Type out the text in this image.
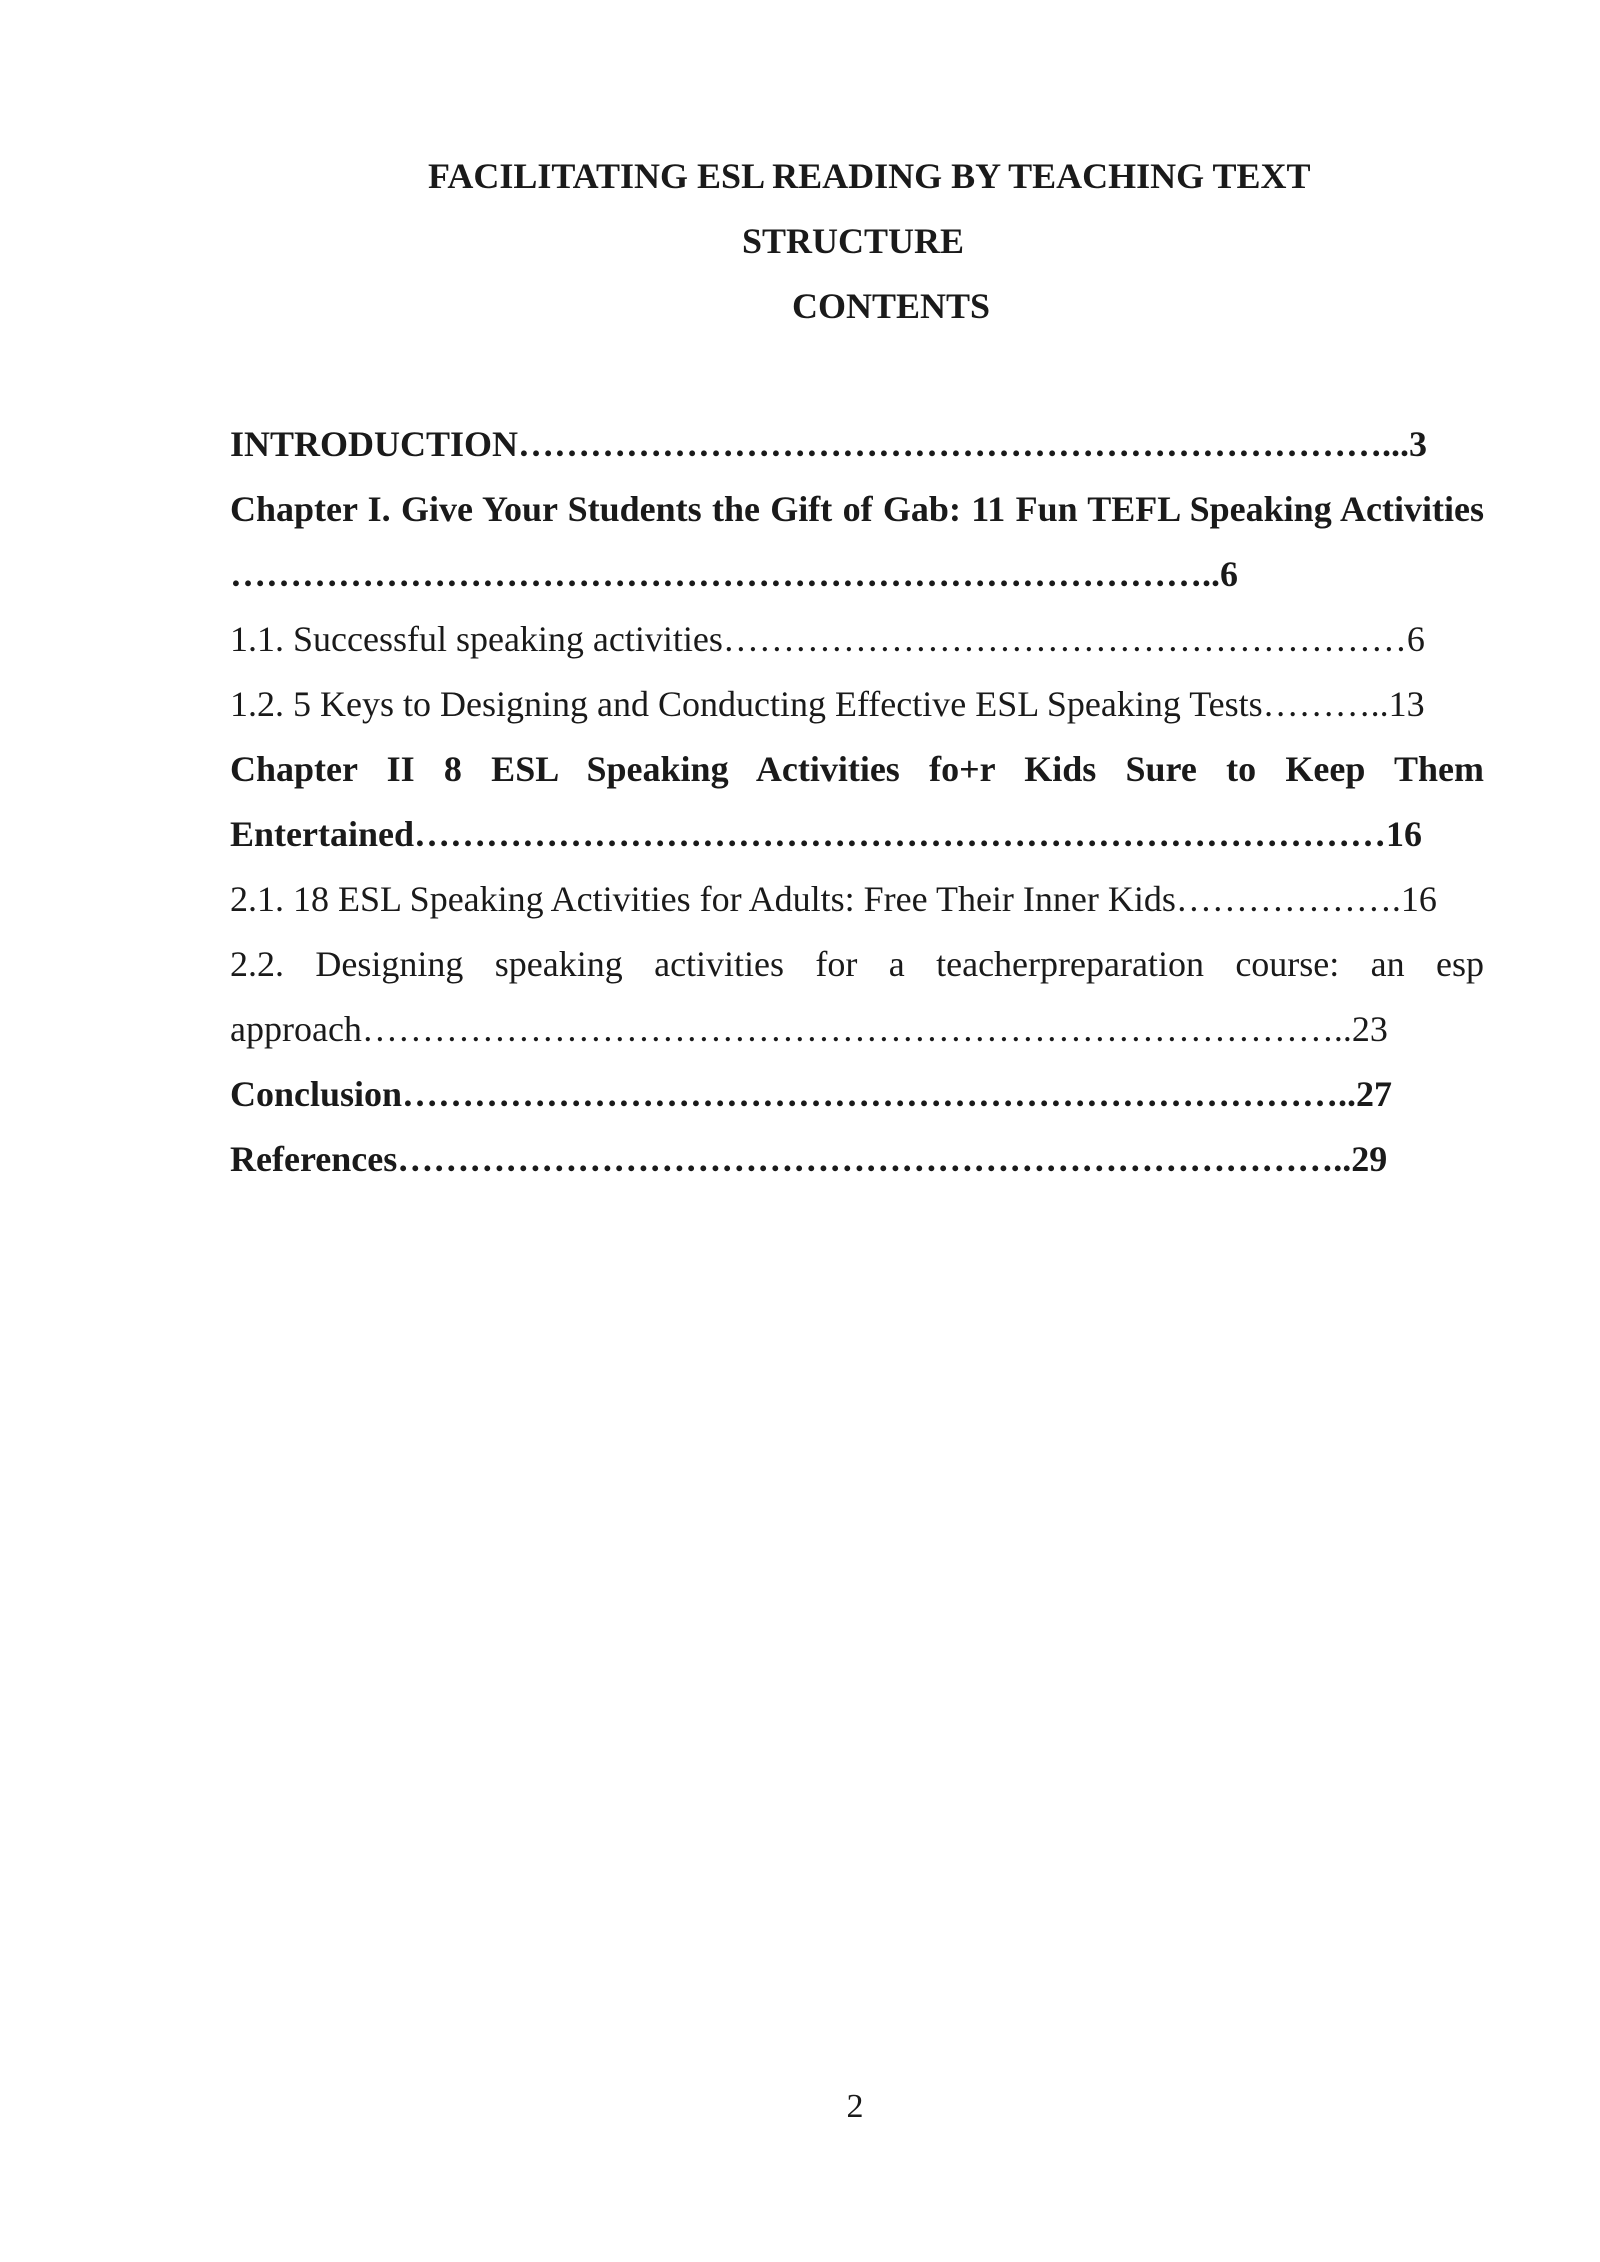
FACILITATING ESL READING BY TEACHING TEXT
STRUCTURE
CONTENTS
INTRODUCTION………………………………………………………………...3
Chapter I. Give Your Students the Gift of Gab: 11 Fun TEFL Speaking Activities ………………………………………………………………………..6
1.1. Successful speaking activities…………………………………………………6
1.2. 5 Keys to Designing and Conducting Effective ESL Speaking Tests………..13
Chapter II 8 ESL Speaking Activities fo+r Kids Sure to Keep Them Entertained………………………………………………………………………16
2.1. 18 ESL Speaking Activities for Adults: Free Their Inner Kids……………….16
2.2. Designing speaking activities for a teacherpreparation course: an esp approach………………………………………………………………………..23
Conclusion……………………………………………………………………..27
References……………………………………………………………………..29
2
